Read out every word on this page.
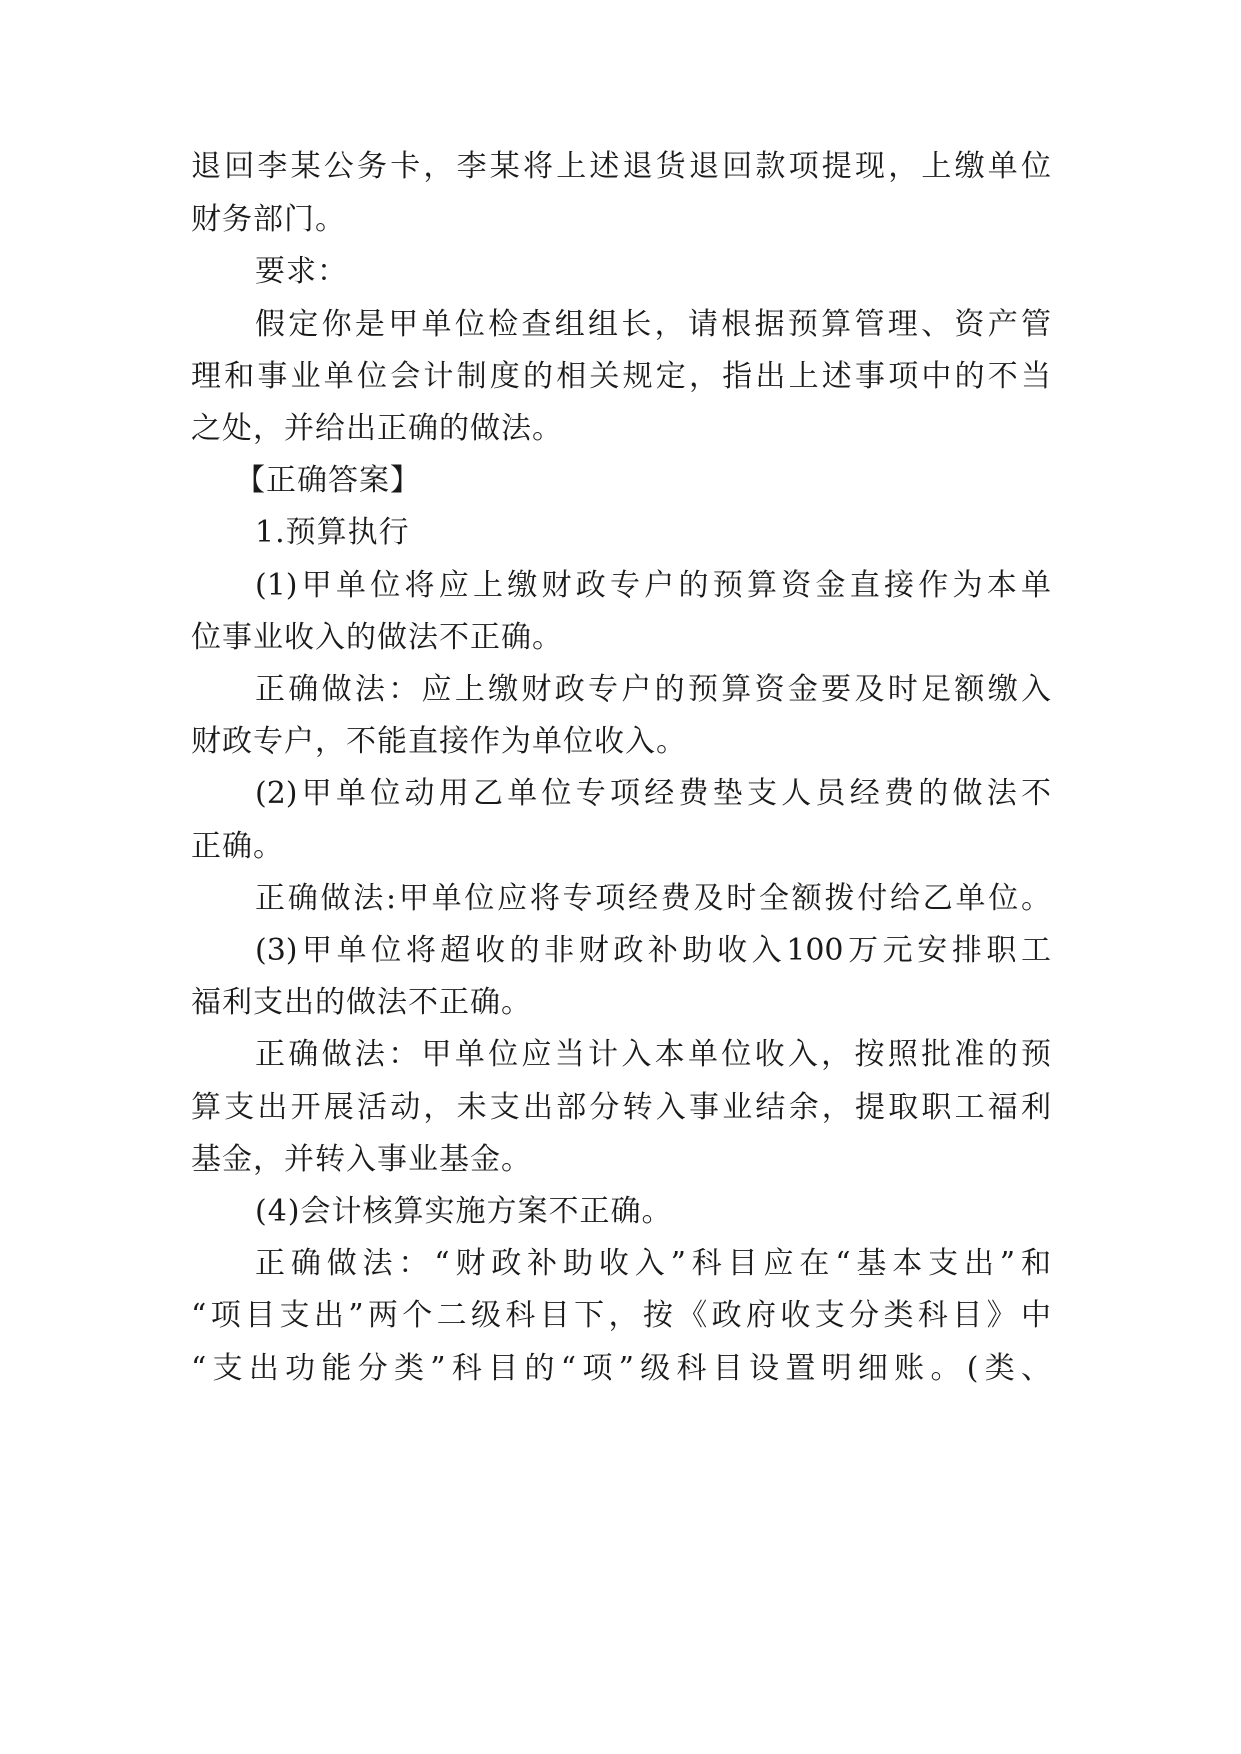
退回李某公务卡，李某将上述退货退回款项提现，上缴单位
财务部门。
要求：
假定你是甲单位检查组组长，请根据预算管理、资产管
理和事业单位会计制度的相关规定，指出上述事项中的不当
之处，并给出正确的做法。
【正确答案】
1.预算执行
(1)甲单位将应上缴财政专户的预算资金直接作为本单
位事业收入的做法不正确。
正确做法：应上缴财政专户的预算资金要及时足额缴入
财政专户，不能直接作为单位收入。
(2)甲单位动用乙单位专项经费垫支人员经费的做法不
正确。
正确做法:甲单位应将专项经费及时全额拨付给乙单位。
(3)甲单位将超收的非财政补助收入100万元安排职工
福利支出的做法不正确。
正确做法：甲单位应当计入本单位收入，按照批准的预
算支出开展活动，未支出部分转入事业结余，提取职工福利
基金，并转入事业基金。
(4)会计核算实施方案不正确。
正确做法：“财政补助收入”科目应在“基本支出”和
“项目支出”两个二级科目下，按《政府收支分类科目》中
“支出功能分类”科目的“项”级科目设置明细账。(类、
